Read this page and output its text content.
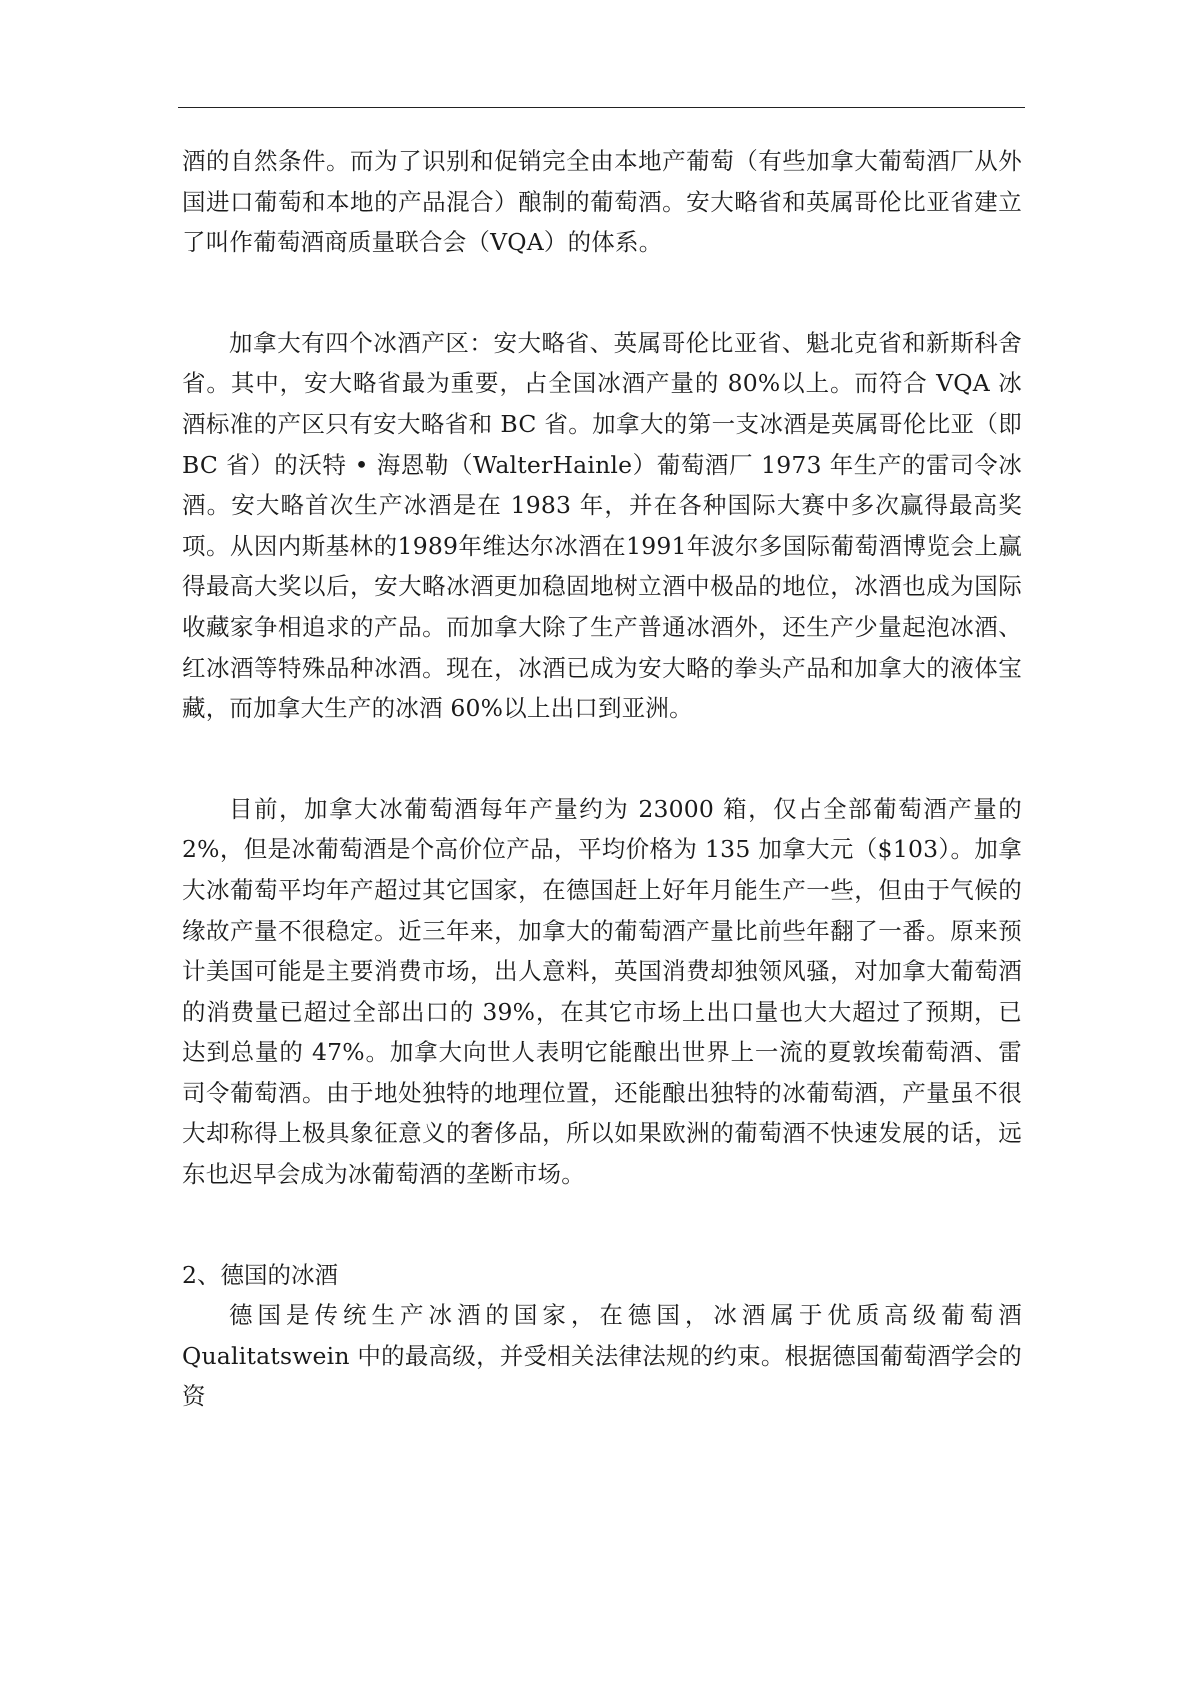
酒的自然条件。而为了识别和促销完全由本地产葡萄（有些加拿大葡萄酒厂从外国进口葡萄和本地的产品混合）酿制的葡萄酒。安大略省和英属哥伦比亚省建立了叫作葡萄酒商质量联合会（VQA）的体系。

加拿大有四个冰酒产区：安大略省、英属哥伦比亚省、魁北克省和新斯科舍省。其中，安大略省最为重要，占全国冰酒产量的 80%以上。而符合 VQA 冰酒标准的产区只有安大略省和 BC 省。加拿大的第一支冰酒是英属哥伦比亚（即 BC 省）的沃特 • 海恩勒（WalterHainle）葡萄酒厂 1973 年生产的雷司令冰酒。安大略首次生产冰酒是在 1983 年，并在各种国际大赛中多次赢得最高奖项。从因内斯基林的1989年维达尔冰酒在1991年波尔多国际葡萄酒博览会上赢得最高大奖以后，安大略冰酒更加稳固地树立酒中极品的地位，冰酒也成为国际收藏家争相追求的产品。而加拿大除了生产普通冰酒外，还生产少量起泡冰酒、红冰酒等特殊品种冰酒。现在，冰酒已成为安大略的拳头产品和加拿大的液体宝藏，而加拿大生产的冰酒 60%以上出口到亚洲。

目前，加拿大冰葡萄酒每年产量约为 23000 箱，仅占全部葡萄酒产量的 2%，但是冰葡萄酒是个高价位产品，平均价格为 135 加拿大元（$103）。加拿大冰葡萄平均年产超过其它国家，在德国赶上好年月能生产一些，但由于气候的缘故产量不很稳定。近三年来，加拿大的葡萄酒产量比前些年翻了一番。原来预计美国可能是主要消费市场，出人意料，英国消费却独领风骚，对加拿大葡萄酒的消费量已超过全部出口的 39%，在其它市场上出口量也大大超过了预期，已达到总量的 47%。加拿大向世人表明它能酿出世界上一流的夏敦埃葡萄酒、雷司令葡萄酒。由于地处独特的地理位置，还能酿出独特的冰葡萄酒，产量虽不很大却称得上极具象征意义的奢侈品，所以如果欧洲的葡萄酒不快速发展的话，远东也迟早会成为冰葡萄酒的垄断市场。

2、德国的冰酒

德国是传统生产冰酒的国家，在德国，冰酒属于优质高级葡萄酒 Qualitatswein 中的最高级，并受相关法律法规的约束。根据德国葡萄酒学会的资
